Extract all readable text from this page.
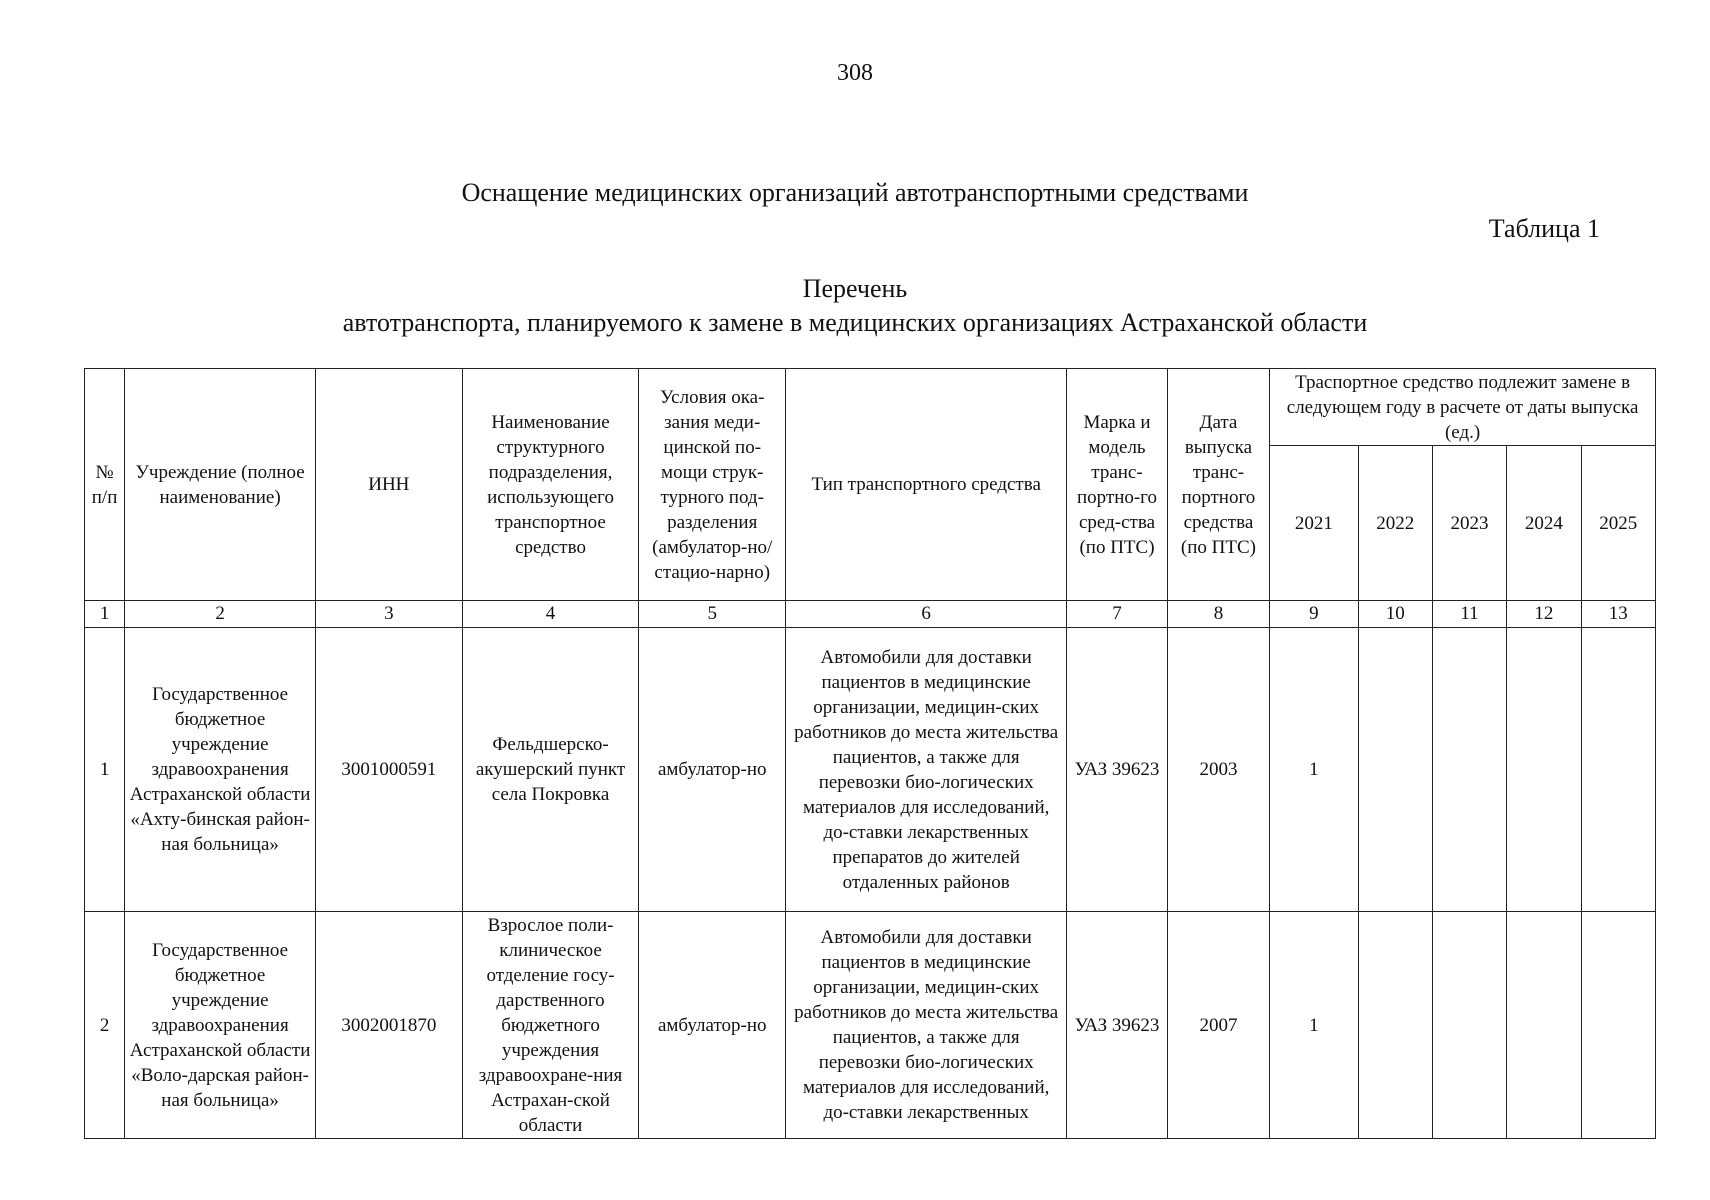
308
Оснащение медицинских организаций автотранспортными средствами
Таблица 1
Перечень
автотранспорта, планируемого к замене в медицинских организациях Астраханской области
№ п/п	Учреждение (полное наименование)	ИНН	Наименование структурного подразделения, использующего транспортное средство	Условия ока-зания меди-цинской по-мощи струк-турного под-разделения (амбулатор-но/стацио-нарно)	Тип транспортного средства	Марка и модель транс-портно-го сред-ства (по ПТС)	Дата выпуска транс-портного средства (по ПТС)	Траспортное средство подлежит замене в следующем году в расчете от даты выпуска (ед.)				
								2021	2022	2023	2024	2025
1	2	3	4	5	6	7	8	9	10	11	12	13
1	Государственное бюджетное учреждение здравоохранения Астраханской области «Ахту-бинская район-ная больница»	3001000591	Фельдшерско-акушерский пункт села Покровка	амбулатор-но	Автомобили для доставки пациентов в медицинские организации, медицин-ских работников до места жительства пациентов, а также для перевозки био-логических материалов для исследований, до-ставки лекарственных препаратов до жителей отдаленных районов	УАЗ 39623	2003	1				
2	Государственное бюджетное учреждение здравоохранения Астраханской области «Воло-дарская район-ная больница»	3002001870	Взрослое поли-клиническое отделение госу-дарственного бюджетного учреждения здравоохране-ния Астрахан-ской области	амбулатор-но	Автомобили для доставки пациентов в медицинские организации, медицин-ских работников до места жительства пациентов, а также для перевозки био-логических материалов для исследований, до-ставки лекарственных	УАЗ 39623	2007	1				
